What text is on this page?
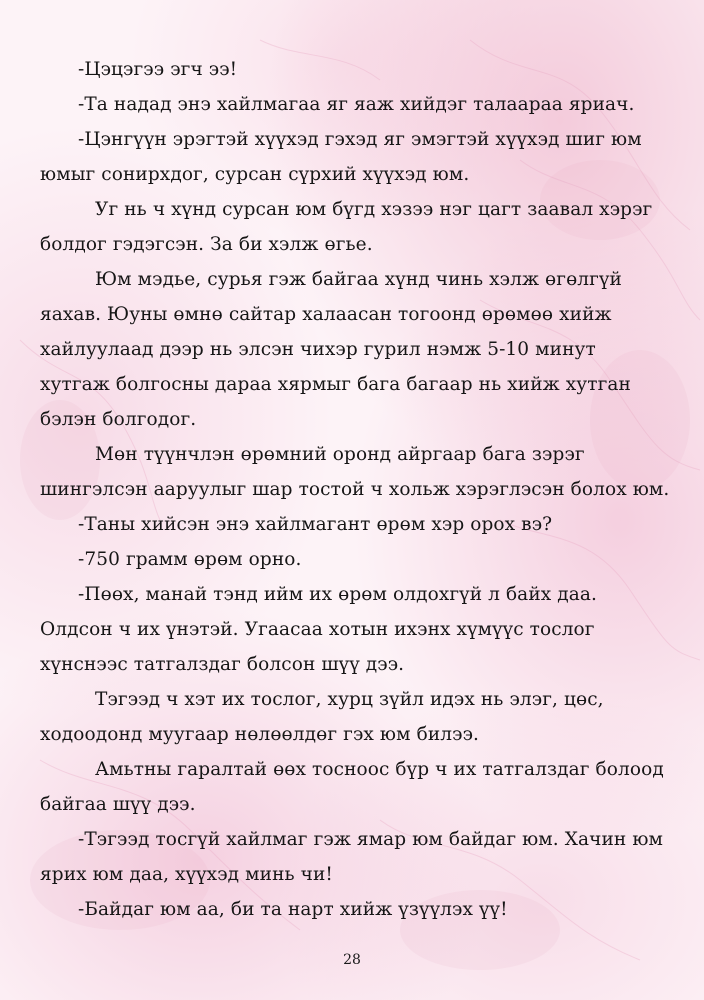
-Цэцэгээ эгч ээ!

-Та надад энэ хайлмагаа яг яаж хийдэг талаараа яриач.

-Цэнгүүн эрэгтэй хүүхэд гэхэд яг эмэгтэй хүүхэд шиг юм юмыг сонирхдог, сурсан сүрхий хүүхэд юм.

Уг нь ч хүнд сурсан юм бүгд хэзээ нэг цагт заавал хэрэг болдог гэдэгсэн. За би хэлж өгье.

Юм мэдье, сурья гэж байгаа хүнд чинь хэлж өгөлгүй яахав. Юуны өмнө сайтар халаасан тогоонд өрөмөө хийж хайлуулаад дээр нь элсэн чихэр гурил нэмж 5-10 минут хутгаж болгосны дараа хярмыг бага багаар нь хийж хутган бэлэн болгодог.

Мөн түүнчлэн өрөмний оронд айргаар бага зэрэг шингэлсэн ааруулыг шар тостой ч хольж хэрэглэсэн болох юм.

-Таны хийсэн энэ хайлмагант өрөм хэр орох вэ?

-750 грамм өрөм орно.

-Пөөх, манай тэнд ийм их өрөм олдохгүй л байх даа. Олдсон ч их үнэтэй. Угаасаа хотын ихэнх хүмүүс тослог хүнснээс татгалздаг болсон шүү дээ.

Тэгээд ч хэт их тослог, хурц зүйл идэх нь элэг, цөс, ходоодонд муугаар нөлөөлдөг гэх юм билээ.

Амьтны гаралтай өөх тосноос бүр ч их татгалздаг болоод байгаа шүү дээ.

-Тэгээд тосгүй хайлмаг гэж ямар юм байдаг юм. Хачин юм ярих юм даа, хүүхэд минь чи!

-Байдаг юм аа, би та нарт хийж үзүүлэх үү!

28
